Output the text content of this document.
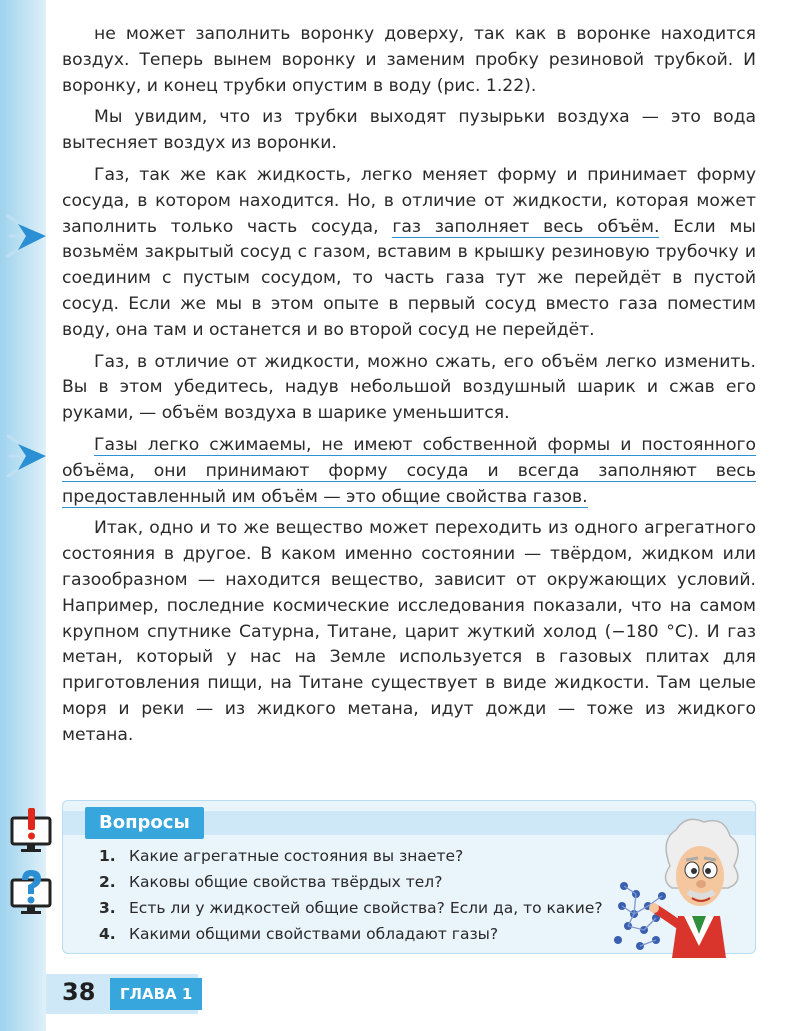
не может заполнить воронку доверху, так как в воронке находится воздух. Теперь вынем воронку и заменим пробку резиновой трубкой. И воронку, и конец трубки опустим в воду (рис. 1.22).

Мы увидим, что из трубки выходят пузырьки воздуха — это вода вытесняет воздух из воронки.

Газ, так же как жидкость, легко меняет форму и принимает форму сосуда, в котором находится. Но, в отличие от жидкости, которая может заполнить только часть сосуда, газ заполняет весь объём. Если мы возьмём закрытый сосуд с газом, вставим в крышку резиновую трубочку и соединим с пустым сосудом, то часть газа тут же перейдёт в пустой сосуд. Если же мы в этом опыте в первый сосуд вместо газа поместим воду, она там и останется и во второй сосуд не перейдёт.

Газ, в отличие от жидкости, можно сжать, его объём легко изменить. Вы в этом убедитесь, надув небольшой воздушный шарик и сжав его руками, — объём воздуха в шарике уменьшится.

Газы легко сжимаемы, не имеют собственной формы и постоянного объёма, они принимают форму сосуда и всегда заполняют весь предоставленный им объём — это общие свойства газов.

Итак, одно и то же вещество может переходить из одного агрегатного состояния в другое. В каком именно состоянии — твёрдом, жидком или газообразном — находится вещество, зависит от окружающих условий. Например, последние космические исследования показали, что на самом крупном спутнике Сатурна, Титане, царит жуткий холод (−180 °С). И газ метан, который у нас на Земле используется в газовых плитах для приготовления пищи, на Титане существует в виде жидкости. Там целые моря и реки — из жидкого метана, идут дожди — тоже из жидкого метана.

Вопросы
1. Какие агрегатные состояния вы знаете?
2. Каковы общие свойства твёрдых тел?
3. Есть ли у жидкостей общие свойства? Если да, то какие?
4. Какими общими свойствами обладают газы?
38	ГЛАВА 1
